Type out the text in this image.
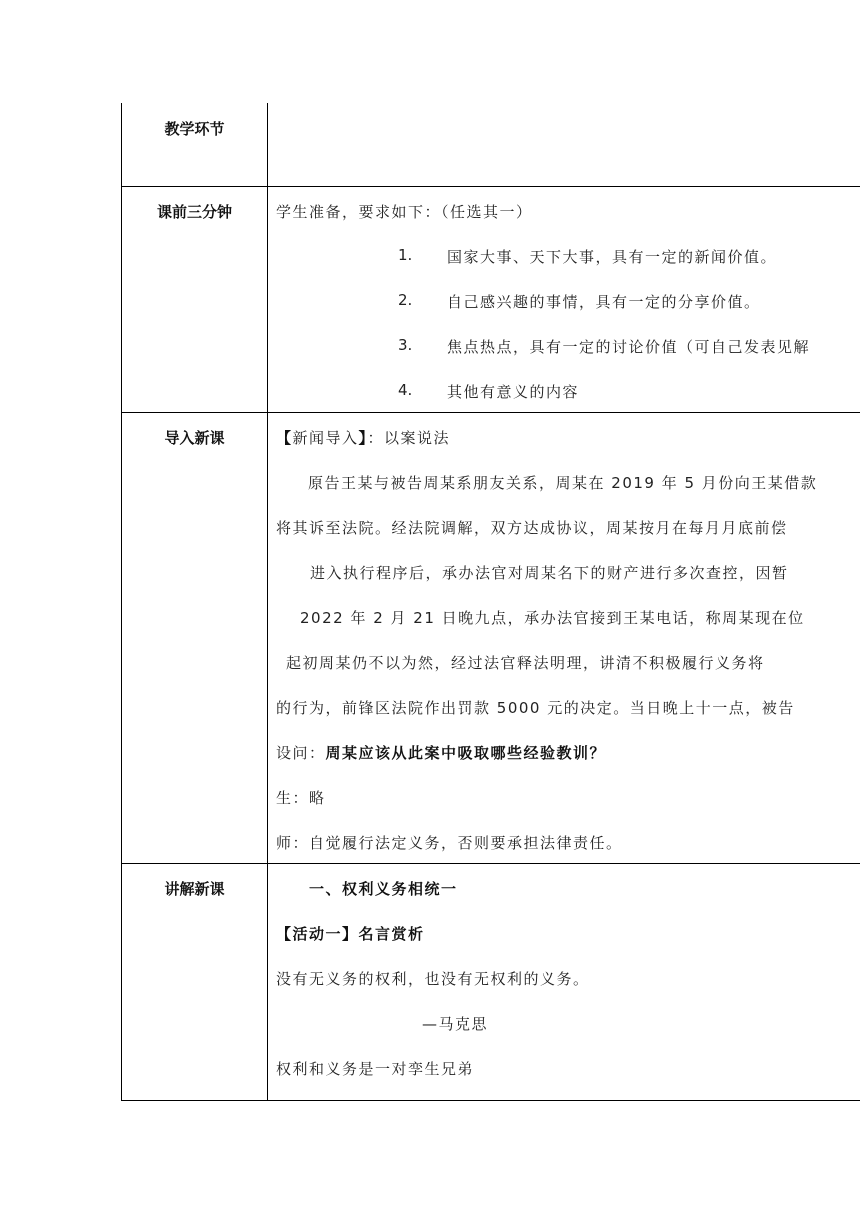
教学环节
课前三分钟
导入新课
讲解新课
学生准备，要求如下：（任选其一）
1. 国家大事、天下大事，具有一定的新闻价值。
2. 自己感兴趣的事情，具有一定的分享价值。
3. 焦点热点，具有一定的讨论价值（可自己发表见解
4. 其他有意义的内容
【新闻导入】：以案说法
原告王某与被告周某系朋友关系，周某在 2019 年 5 月份向王某借款
将其诉至法院。经法院调解，双方达成协议，周某按月在每月月底前偿
进入执行程序后，承办法官对周某名下的财产进行多次查控，因暂
2022 年 2 月 21 日晚九点，承办法官接到王某电话，称周某现在位
起初周某仍不以为然，经过法官释法明理，讲清不积极履行义务将
的行为，前锋区法院作出罚款 5000 元的决定。当日晚上十一点，被告
设问：周某应该从此案中吸取哪些经验教训？
生：略
师：自觉履行法定义务，否则要承担法律责任。
一、权利义务相统一
【活动一】名言赏析
没有无义务的权利，也没有无权利的义务。
—马克思
权利和义务是一对孪生兄弟
